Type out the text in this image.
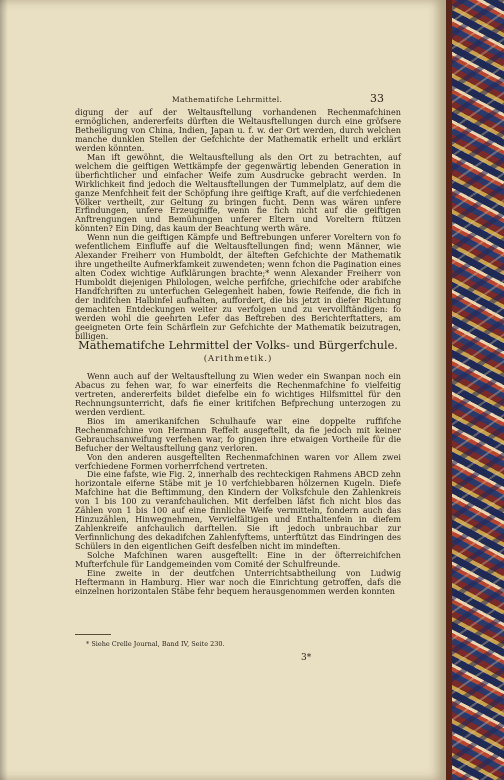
Mathematifche Lehrmittel.	33

digung der auf der Weltausftellung vorhandenen Rechenmafchinen ermöglichen, andererfeits dürften die Weltausftellungen durch eine gröfsere Betheiligung von China, Indien, Japan u. f. w. der Ort werden, durch welchen manche dunklen Stellen der Gefchichte der Mathematik erhellt und erklärt werden könnten.

Man ift gewöhnt, die Weltausftellung als den Ort zu betrachten, auf welchem die geiftigen Wettkämpfe der gegenwärtig lebenden Generation in überfichtlicher und einfacher Weife zum Ausdrucke gebracht werden. In Wirklichkeit find jedoch die Weltausftellungen der Tummelplatz, auf dem die ganze Menfchheit feit der Schöpfung ihre geiftige Kraft, auf die verfchiedenen Völker vertheilt, zur Geltung zu bringen fucht. Denn was wären unfere Erfindungen, unfere Erzeugniffe, wenn fie fich nicht auf die geiftigen Anftrengungen und Bemühungen unferer Eltern und Voreltern ftützen könnten? Ein Ding, das kaum der Beachtung werth wäre.

Wenn nun die geiftigen Kämpfe und Beftrebungen unferer Voreltern von fo wefentlichem Einfluffe auf die Weltausftellungen find; wenn Männer, wie Alexander Freiherr von Humboldt, der älteften Gefchichte der Mathematik ihre ungetheilte Aufmerkfamkeit zuwendeten; wenn fchon die Pagination eines alten Codex wichtige Aufklärungen brachte;* wenn Alexander Freiherr von Humboldt diejenigen Philologen, welche perfifche, griechifche oder arabifche Handfchriften zu unterfuchen Gelegenheit haben, fowie Reifende, die fich in der indifchen Halbinfel aufhalten, auffordert, die bis jetzt in diefer Richtung gemachten Entdeckungen weiter zu verfolgen und zu vervollftändigen: fo werden wohl die geehrten Lefer das Beftreben des Berichterftatters, am geeigneten Orte fein Schärflein zur Gefchichte der Mathematik beizutragen, billigen.

Mathematifche Lehrmittel der Volks- und Bürgerfchule.
(Arithmetik.)

Wenn auch auf der Weltausftellung zu Wien weder ein Swanpan noch ein Abacus zu fehen war, fo war einerfeits die Rechenmafchine fo vielfeitig vertreten, andererfeits bildet diefelbe ein fo wichtiges Hilfsmittel für den Rechnungsunterricht, dafs fie einer kritifchen Befprechung unterzogen zu werden verdient.

Bios im amerikanifchen Schulhaufe war eine doppelte ruffifche Rechenmafchine von Hermann Reffelt ausgeftellt, da fie jedoch mit keiner Gebrauchsanweifung verfehen war, fo gingen ihre etwaigen Vortheile für die Befucher der Weltausftellung ganz verloren.

Von den anderen ausgeftellten Rechenmafchinen waren vor Allem zwei verfchiedene Formen vorherrfchend vertreten.

Die eine fafste, wie Fig. 2, innerhalb des rechteckigen Rahmens ABCD zehn horizontale eiferne Stäbe mit je 10 verfchiebbaren hölzernen Kugeln. Diefe Mafchine hat die Beftimmung, den Kindern der Volksfchule den Zahlenkreis von 1 bis 100 zu veranfchaulichen. Mit derfelben läfst fich nicht blos das Zählen von 1 bis 100 auf eine finnliche Weife vermitteln, fondern auch das Hinzuzählen, Hinwegnehmen, Vervielfältigen und Enthaltenfein in diefem Zahlenkreife anfchaulich darftellen. Sie ift jedoch unbrauchbar zur Verfinnlichung des dekadifchen Zahlenfyftems, unterftützt das Eindringen des Schülers in den eigentlichen Geift desfelben nicht im mindeften.

Solche Mafchinen waren ausgeftellt: Eine in der öfterreichifchen Mufterfchule für Landgemeinden vom Comité der Schulfreunde.

Eine zweite in der deutfchen Unterrichtsabtheilung von Ludwig Heftermann in Hamburg. Hier war noch die Einrichtung getroffen, dafs die einzelnen horizontalen Stäbe fehr bequem herausgenommen werden konnten

* Siehe Crelle Journal, Band IV, Seite 230.
3*
